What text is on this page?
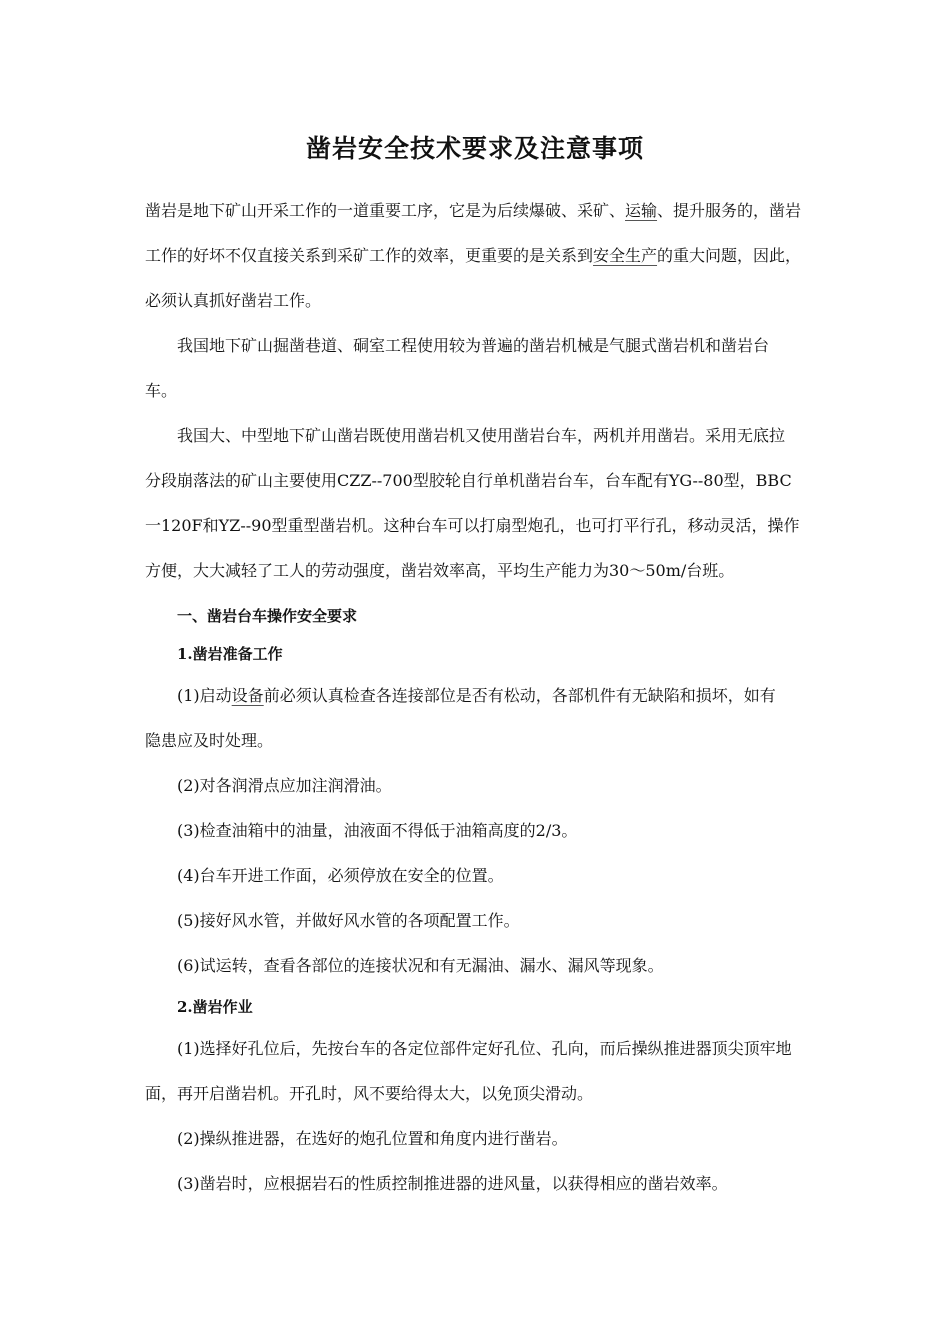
凿岩安全技术要求及注意事项
凿岩是地下矿山开采工作的一道重要工序，它是为后续爆破、采矿、运输、提升服务的，凿岩
工作的好坏不仅直接关系到采矿工作的效率，更重要的是关系到安全生产的重大问题，因此，
必须认真抓好凿岩工作。
我国地下矿山掘凿巷道、硐室工程使用较为普遍的凿岩机械是气腿式凿岩机和凿岩台
车。
我国大、中型地下矿山凿岩既使用凿岩机又使用凿岩台车，两机并用凿岩。采用无底拉
分段崩落法的矿山主要使用CZZ--700型胶轮自行单机凿岩台车，台车配有YG--80型，BBC
一120F和YZ--90型重型凿岩机。这种台车可以打扇型炮孔，也可打平行孔，移动灵活，操作
方便，大大减轻了工人的劳动强度，凿岩效率高，平均生产能力为30～50m/台班。
一、凿岩台车操作安全要求
1.凿岩准备工作
(1)启动设备前必须认真检查各连接部位是否有松动，各部机件有无缺陷和损坏，如有
隐患应及时处理。
(2)对各润滑点应加注润滑油。
(3)检查油箱中的油量，油液面不得低于油箱高度的2/3。
(4)台车开进工作面，必须停放在安全的位置。
(5)接好风水管，并做好风水管的各项配置工作。
(6)试运转，查看各部位的连接状况和有无漏油、漏水、漏风等现象。
2.凿岩作业
(1)选择好孔位后，先按台车的各定位部件定好孔位、孔向，而后操纵推进器顶尖顶牢地
面，再开启凿岩机。开孔时，风不要给得太大，以免顶尖滑动。
(2)操纵推进器，在选好的炮孔位置和角度内进行凿岩。
(3)凿岩时，应根据岩石的性质控制推进器的进风量，以获得相应的凿岩效率。
